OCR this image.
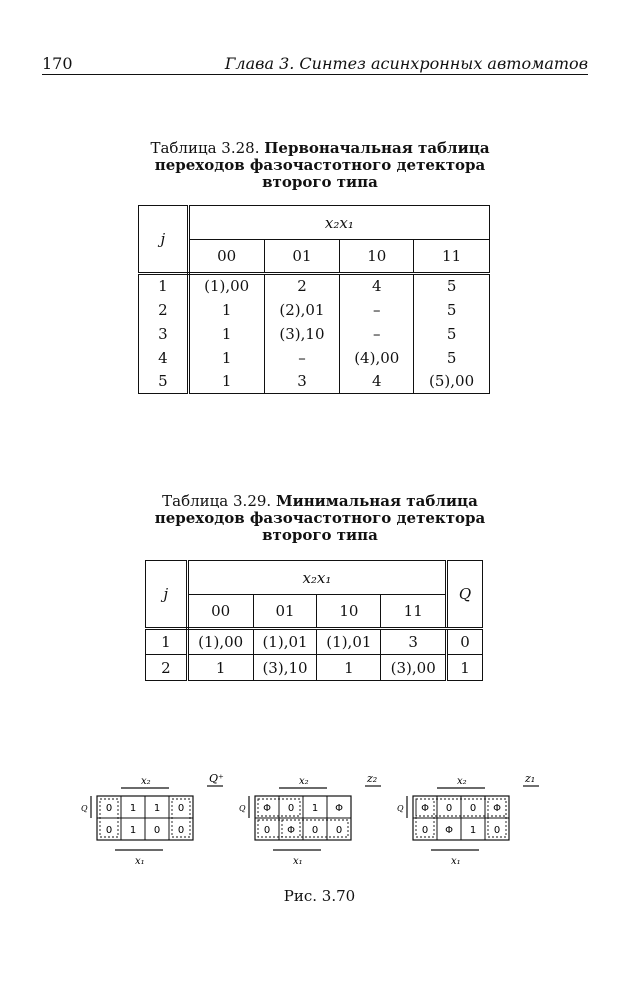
170	Глава 3. Синтез асинхронных автоматов
Таблица 3.28. Первоначальная таблица
переходов фазочастотного детектора
второго типа
j	x₂x₁			
	00	01	10	11
1	(1),00	2	4	5
2	1	(2),01	–	5
3	1	(3),10	–	5
4	1	–	(4),00	5
5	1	3	4	(5),00
Таблица 3.29. Минимальная таблица
переходов фазочастотного детектора
второго типа
j	x₂x₁				Q
	00	01	10	11	
1	(1),00	(1),01	(1),01	3	0
2	1	(3),10	1	(3),00	1
x₂
x₁
Q
Q⁺
0 1 1 0
0 1 0 0
x₂
x₁
Q
z₂
Φ 0 1 Φ
0 Φ 0 0
x₂
x₁
Q
z₁
Φ 0 0 Φ
0 Φ 1 0
Рис. 3.70
